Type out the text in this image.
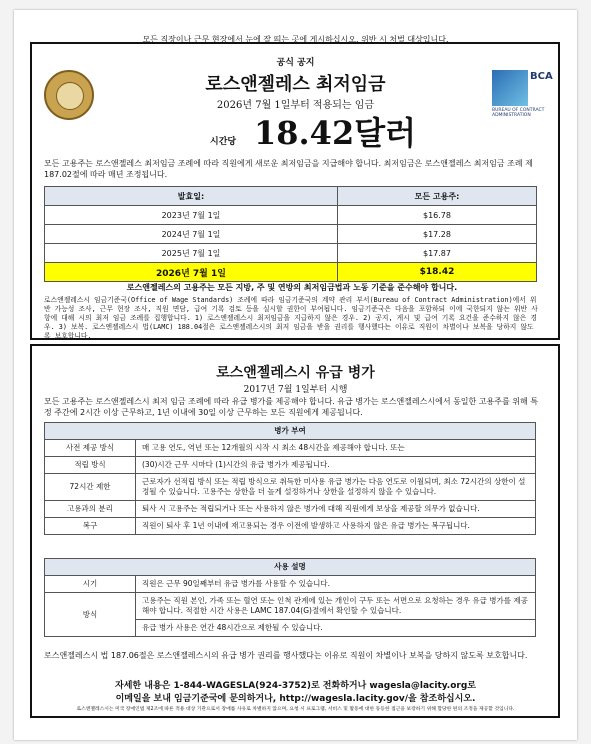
모든 직장이나 근무 현장에서 눈에 잘 띄는 곳에 게시하십시오. 위반 시 처벌 대상입니다.
BCA
BUREAU OF CONTRACT ADMINISTRATION
공식 공지
로스앤젤레스 최저임금
2026년 7월 1일부터 적용되는 임금
시간당 18.42달러
모든 고용주는 로스앤젤레스 최저임금 조례에 따라 직원에게 새로운 최저임금을 지급해야 합니다. 최저임금은 로스앤젤레스 최저임금 조례 제187.02절에 따라 매년 조정됩니다.
발효일:	모든 고용주:
2023년 7월 1일	$16.78
2024년 7월 1일	$17.28
2025년 7월 1일	$17.87
2026년 7월 1일	$18.42
로스앤젤레스의 고용주는 모든 지방, 주 및 연방의 최저임금법과 노동 기준을 준수해야 합니다.
로스앤젤레스시 임금기준국(Office of Wage Standards) 조례에 따라 임금기준국의 계약 관리 부서(Bureau of Contract Administration)에서 위반 가능성 조사, 근무 현장 조사, 직원 면담, 급여 기록 검토 등을 실시할 권한이 부여됩니다. 임금기준국은 다음을 포함하되 이에 국한되지 않는 위반 사항에 대해 시의 최저 임금 조례를 집행합니다. 1) 로스앤젤레스시 최저임금을 지급하지 않은 경우. 2) 공지, 게시 및 급여 기록 요건을 준수하지 않은 경우. 3) 보복. 로스앤젤레스시 법(LAMC) 188.04절은 로스앤젤레스시의 최저 임금을 받을 권리를 행사했다는 이유로 직원이 차별이나 보복을 당하지 않도록 보호합니다.
로스앤젤레스시 유급 병가
2017년 7월 1일부터 시행
모든 고용주는 로스앤젤레스시 최저 임금 조례에 따라 유급 병가를 제공해야 합니다. 유급 병가는 로스앤젤레스시에서 동일한 고용주를 위해 특정 주간에 2시간 이상 근무하고, 1년 이내에 30일 이상 근무하는 모든 직원에게 제공됩니다.
병가 부여	
사전 제공 방식	매 고용 연도, 역년 또는 12개월의 시작 시 최소 48시간을 제공해야 합니다. 또는
적립 방식	(30)시간 근무 시마다 (1)시간의 유급 병가가 제공됩니다.
72시간 제한	근로자가 선적립 방식 또는 적립 방식으로 취득한 미사용 유급 병가는 다음 연도로 이월되며, 최소 72시간의 상한이 설정될 수 있습니다. 고용주는 상한을 더 높게 설정하거나 상한을 설정하지 않을 수 있습니다.
고용과의 분리	퇴사 시 고용주는 적립되거나 또는 사용하지 않은 병가에 대해 직원에게 보상을 제공할 의무가 없습니다.
복구	직원이 퇴사 후 1년 이내에 재고용되는 경우 이전에 발생하고 사용하지 않은 유급 병가는 복구됩니다.
사용 설명	
시기	직원은 근무 90일째부터 유급 병가를 사용할 수 있습니다.
방식	고용주는 직원 본인, 가족 또는 혈연 또는 인척 관계에 있는 개인이 구두 또는 서면으로 요청하는 경우 유급 병가를 제공해야 합니다. 적절한 시간 사용은 LAMC 187.04(G)절에서 확인할 수 있습니다.
	유급 병가 사용은 연간 48시간으로 제한될 수 있습니다.
로스앤젤레스시 법 187.06절은 로스앤젤레스시의 유급 병가 권리를 행사했다는 이유로 직원이 차별이나 보복을 당하지 않도록 보호합니다.
자세한 내용은 1-844-WAGESLA(924-3752)로 전화하거나 wagesla@lacity.org로
이메일을 보내 임금기준국에 문의하거나, http://wagesla.lacity.gov/을 참조하십시오.
로스앤젤레스시는 미국 장애인법 제2조에 따른 적용 대상 기관으로서 장애를 사유로 차별하지 않으며, 요청 시 프로그램, 서비스 및 활동에 대한 동등한 접근을 보장하기 위해 합당한 편의 조정을 제공할 것입니다.
